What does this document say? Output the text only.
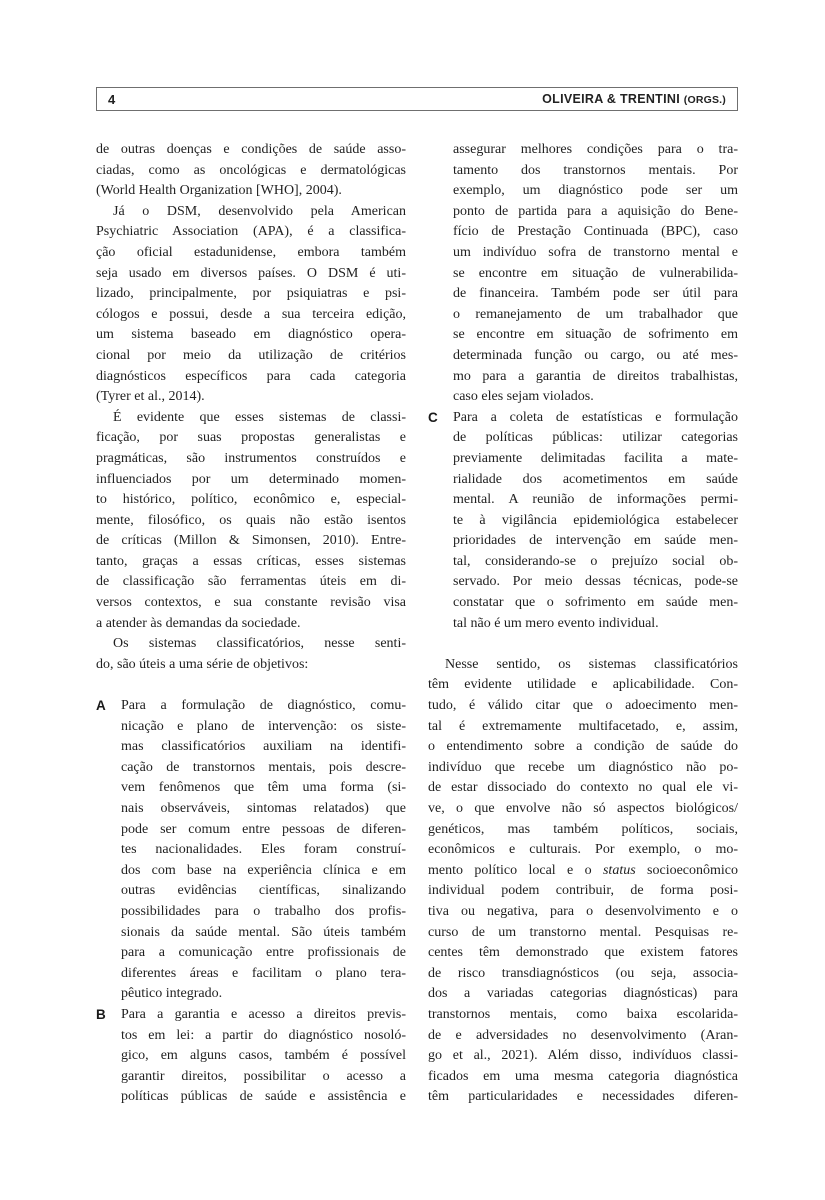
4	OLIVEIRA & TRENTINI (ORGS.)
de outras doenças e condições de saúde asso-
ciadas, como as oncológicas e dermatológicas
(World Health Organization [WHO], 2004).
Já o DSM, desenvolvido pela American
Psychiatric Association (APA), é a classifica-
ção oficial estadunidense, embora também
seja usado em diversos países. O DSM é uti-
lizado, principalmente, por psiquiatras e psi-
cólogos e possui, desde a sua terceira edição,
um sistema baseado em diagnóstico opera-
cional por meio da utilização de critérios
diagnósticos específicos para cada categoria
(Tyrer et al., 2014).
É evidente que esses sistemas de classi-
ficação, por suas propostas generalistas e
pragmáticas, são instrumentos construídos e
influenciados por um determinado momen-
to histórico, político, econômico e, especial-
mente, filosófico, os quais não estão isentos
de críticas (Millon & Simonsen, 2010). Entre-
tanto, graças a essas críticas, esses sistemas
de classificação são ferramentas úteis em di-
versos contextos, e sua constante revisão visa
a atender às demandas da sociedade.
Os sistemas classificatórios, nesse senti-
do, são úteis a uma série de objetivos:
A Para a formulação de diagnóstico, comu-
nicação e plano de intervenção: os siste-
mas classificatórios auxiliam na identifi-
cação de transtornos mentais, pois descre-
vem fenômenos que têm uma forma (si-
nais observáveis, sintomas relatados) que
pode ser comum entre pessoas de diferen-
tes nacionalidades. Eles foram construí-
dos com base na experiência clínica e em
outras evidências científicas, sinalizando
possibilidades para o trabalho dos profis-
sionais da saúde mental. São úteis também
para a comunicação entre profissionais de
diferentes áreas e facilitam o plano tera-
pêutico integrado.
B Para a garantia e acesso a direitos previs-
tos em lei: a partir do diagnóstico nosoló-
gico, em alguns casos, também é possível
garantir direitos, possibilitar o acesso a
políticas públicas de saúde e assistência e
assegurar melhores condições para o tra-
tamento dos transtornos mentais. Por
exemplo, um diagnóstico pode ser um
ponto de partida para a aquisição do Bene-
fício de Prestação Continuada (BPC), caso
um indivíduo sofra de transtorno mental e
se encontre em situação de vulnerabilida-
de financeira. Também pode ser útil para
o remanejamento de um trabalhador que
se encontre em situação de sofrimento em
determinada função ou cargo, ou até mes-
mo para a garantia de direitos trabalhistas,
caso eles sejam violados.
C Para a coleta de estatísticas e formulação
de políticas públicas: utilizar categorias
previamente delimitadas facilita a mate-
rialidade dos acometimentos em saúde
mental. A reunião de informações permi-
te à vigilância epidemiológica estabelecer
prioridades de intervenção em saúde men-
tal, considerando-se o prejuízo social ob-
servado. Por meio dessas técnicas, pode-se
constatar que o sofrimento em saúde men-
tal não é um mero evento individual.
Nesse sentido, os sistemas classificatórios
têm evidente utilidade e aplicabilidade. Con-
tudo, é válido citar que o adoecimento men-
tal é extremamente multifacetado, e, assim,
o entendimento sobre a condição de saúde do
indivíduo que recebe um diagnóstico não po-
de estar dissociado do contexto no qual ele vi-
ve, o que envolve não só aspectos biológicos/
genéticos, mas também políticos, sociais,
econômicos e culturais. Por exemplo, o mo-
mento político local e o status socioeconômico
individual podem contribuir, de forma posi-
tiva ou negativa, para o desenvolvimento e o
curso de um transtorno mental. Pesquisas re-
centes têm demonstrado que existem fatores
de risco transdiagnósticos (ou seja, associa-
dos a variadas categorias diagnósticas) para
transtornos mentais, como baixa escolarida-
de e adversidades no desenvolvimento (Aran-
go et al., 2021). Além disso, indivíduos classi-
ficados em uma mesma categoria diagnóstica
têm particularidades e necessidades diferen-
